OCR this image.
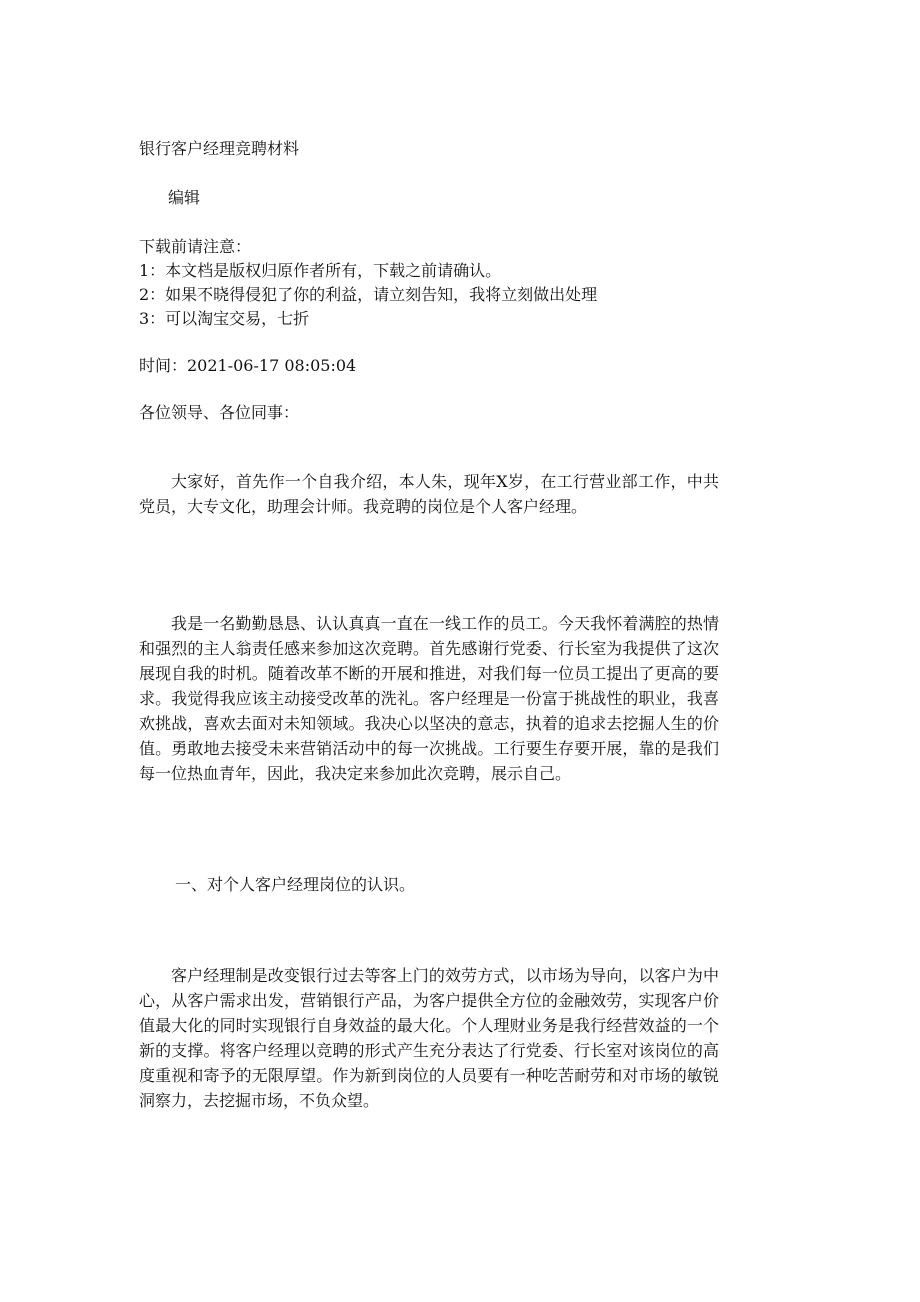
银行客户经理竞聘材料
编辑
下载前请注意：
1：本文档是版权归原作者所有，下载之前请确认。
2：如果不晓得侵犯了你的利益，请立刻告知，我将立刻做出处理
3：可以淘宝交易，七折
时间：2021-06-17 08:05:04
各位领导、各位同事：

大家好，首先作一个自我介绍，本人朱，现年X岁，在工行营业部工作，中共党员，大专文化，助理会计师。我竞聘的岗位是个人客户经理。

我是一名勤勤恳恳、认认真真一直在一线工作的员工。今天我怀着满腔的热情和强烈的主人翁责任感来参加这次竞聘。首先感谢行党委、行长室为我提供了这次展现自我的时机。随着改革不断的开展和推进，对我们每一位员工提出了更高的要求。我觉得我应该主动接受改革的洗礼。客户经理是一份富于挑战性的职业，我喜欢挑战，喜欢去面对未知领域。我决心以坚决的意志，执着的追求去挖掘人生的价值。勇敢地去接受未来营销活动中的每一次挑战。工行要生存要开展，靠的是我们每一位热血青年，因此，我决定来参加此次竞聘，展示自己。

一、对个人客户经理岗位的认识。

客户经理制是改变银行过去等客上门的效劳方式，以市场为导向，以客户为中心，从客户需求出发，营销银行产品，为客户提供全方位的金融效劳，实现客户价值最大化的同时实现银行自身效益的最大化。个人理财业务是我行经营效益的一个新的支撑。将客户经理以竞聘的形式产生充分表达了行党委、行长室对该岗位的高度重视和寄予的无限厚望。作为新到岗位的人员要有一种吃苦耐劳和对市场的敏锐洞察力，去挖掘市场，不负众望。
